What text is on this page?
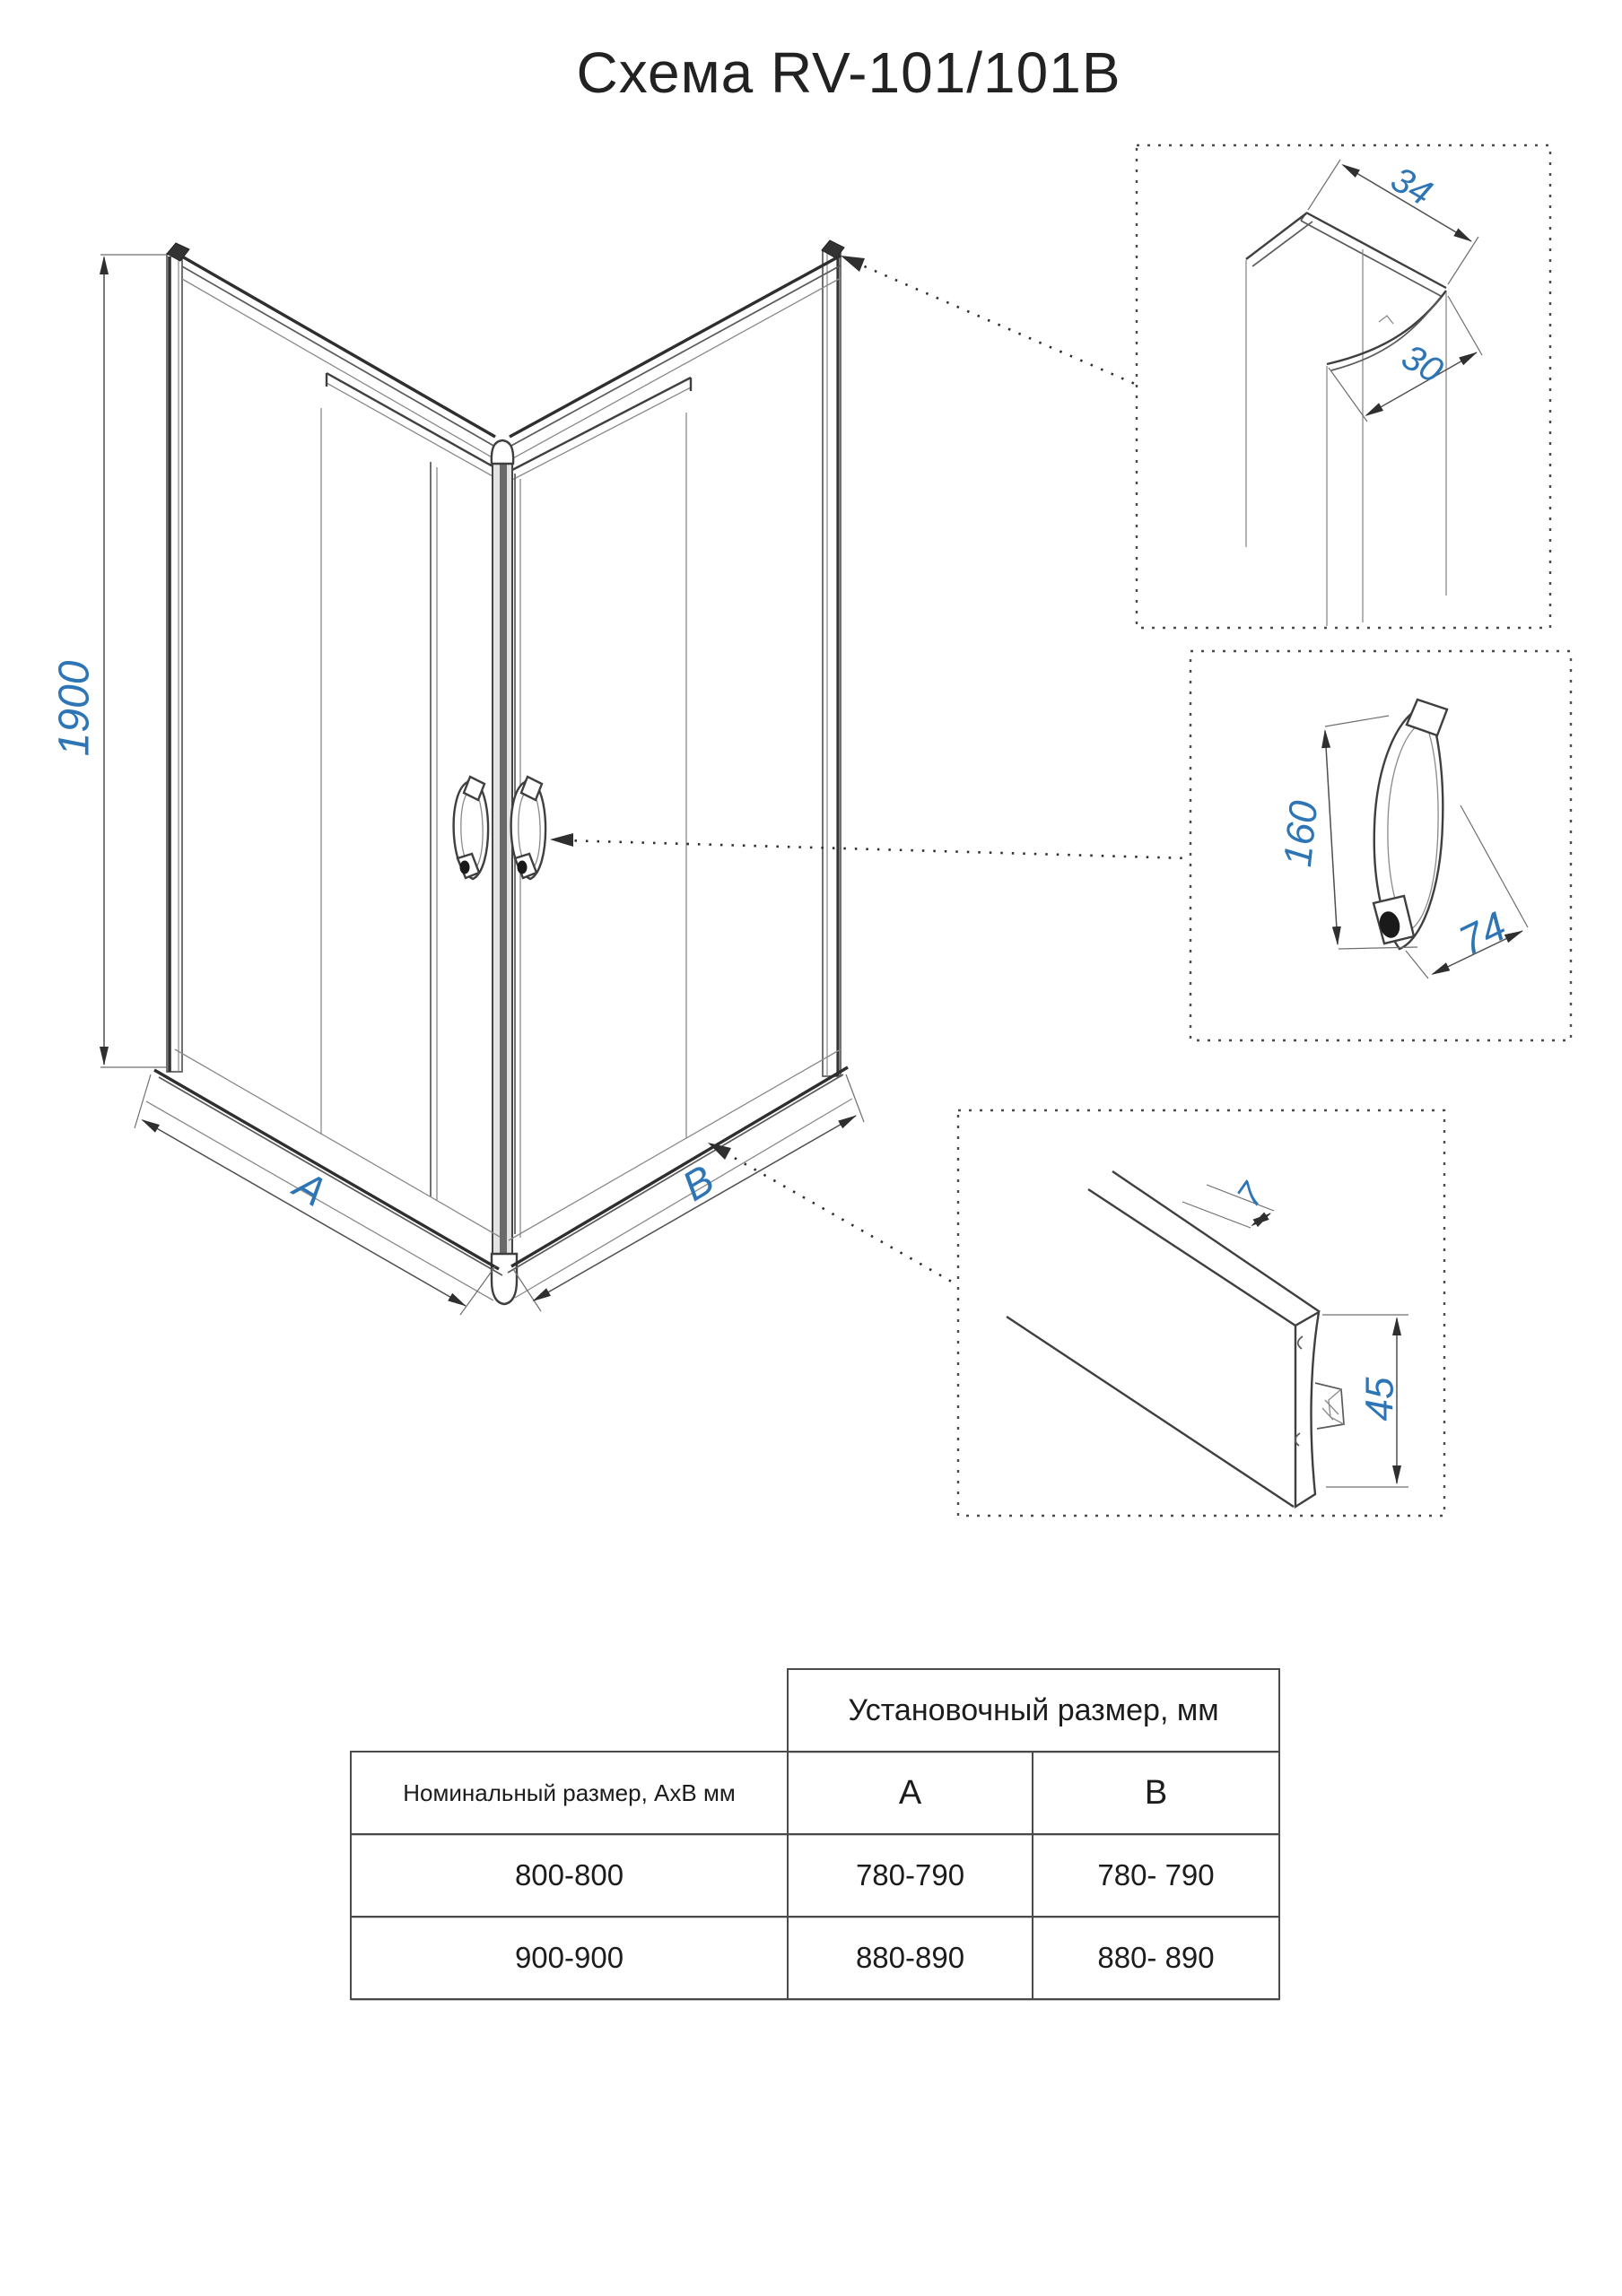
Схема RV-101/101B
1900
A	B
34
30
160
74
7
45
	Установочный размер, мм	
Номинальный размер, АхВ мм	А	В
800-800	780-790	780- 790
900-900	880-890	880- 890
